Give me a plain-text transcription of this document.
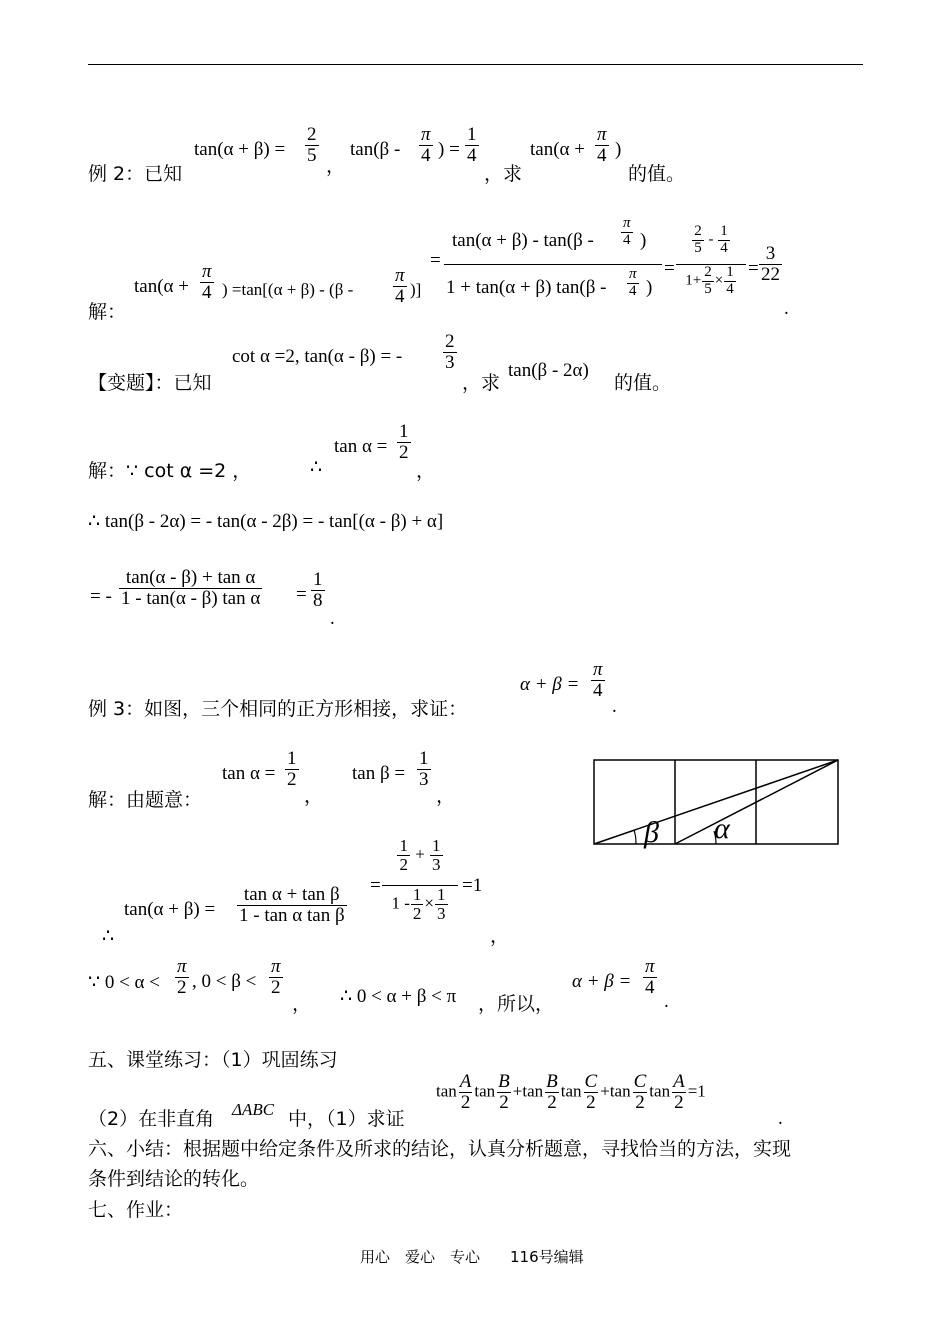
例 2：已知
$\tan(\alpha + \beta) = \frac{2}{5}$
，
$\tan(\beta - \frac{\pi}{4}$ ) = $\frac{1}{4}$
，求
$\tan(\alpha + \frac{\pi}{4}$ )
的值。
解：
$\tan(\alpha + \frac{\pi}{4}$ ) $=\tan[(\alpha + \beta) - (\beta - \frac{\pi}{4}$ )]
=
$\tan(\alpha + \beta) - \tan(\beta - \frac{\pi}{4}$ )
1 + tan(α + β) $\tan(\beta - \frac{\pi}{4}$ )
=
$\frac{2}{5} - \frac{1}{4}$
$1+ \frac{2}{5} \times \frac{1}{4} = \frac{3}{22}$
.
【变题】：已知
cot α =2, tan(α - β) = - $\frac{2}{3}$
，求
tan(β - 2α)
的值。
解：∵ cot α =2 ，	∴
$\tan \alpha = \frac{1}{2}$
，
∴ tan(β - 2α) = - tan(α - 2β) = - tan[(α - β) + α]
= - $\frac{\text{tan(α - β) + tan α}}{\text{1 - tan(α - β) tan α}} = \frac{1}{8}$
.
例 3：如图，三个相同的正方形相接，求证：
$\alpha + \beta = \frac{\pi}{4}$
.
解：由题意：
$\tan \alpha = \frac{1}{2}$
，
$\tan \beta = \frac{1}{3}$
，
β α
∴
$\tan(\alpha + \beta) = \frac{\text{tan α + tan β}}{\text{1 - tan α tan β}}$ =
$\frac{1}{2} + \frac{1}{3}$
$1 - \frac{1}{2} \times \frac{1}{3}$
=1
，
∵ $0 < \alpha < \frac{\pi}{2}$ , $0 < \beta < \frac{\pi}{2}$
， ∴ 0 < α + β < π ，所以，
$\alpha + \beta = \frac{\pi}{4}$
.
五、课堂练习：（1）巩固练习
（2）在非直角 ΔABC 中，（1）求证
$\tan \frac{A}{2}$ $\tan \frac{B}{2} +\tan \frac{B}{2}$ $\tan \frac{C}{2} +\tan \frac{C}{2}$ $\tan \frac{A}{2} =1$
.
六、小结：根据题中给定条件及所求的结论，认真分析题意，寻找恰当的方法，实现
条件到结论的转化。
七、作业：
用心　爱心　专心　　116号编辑
